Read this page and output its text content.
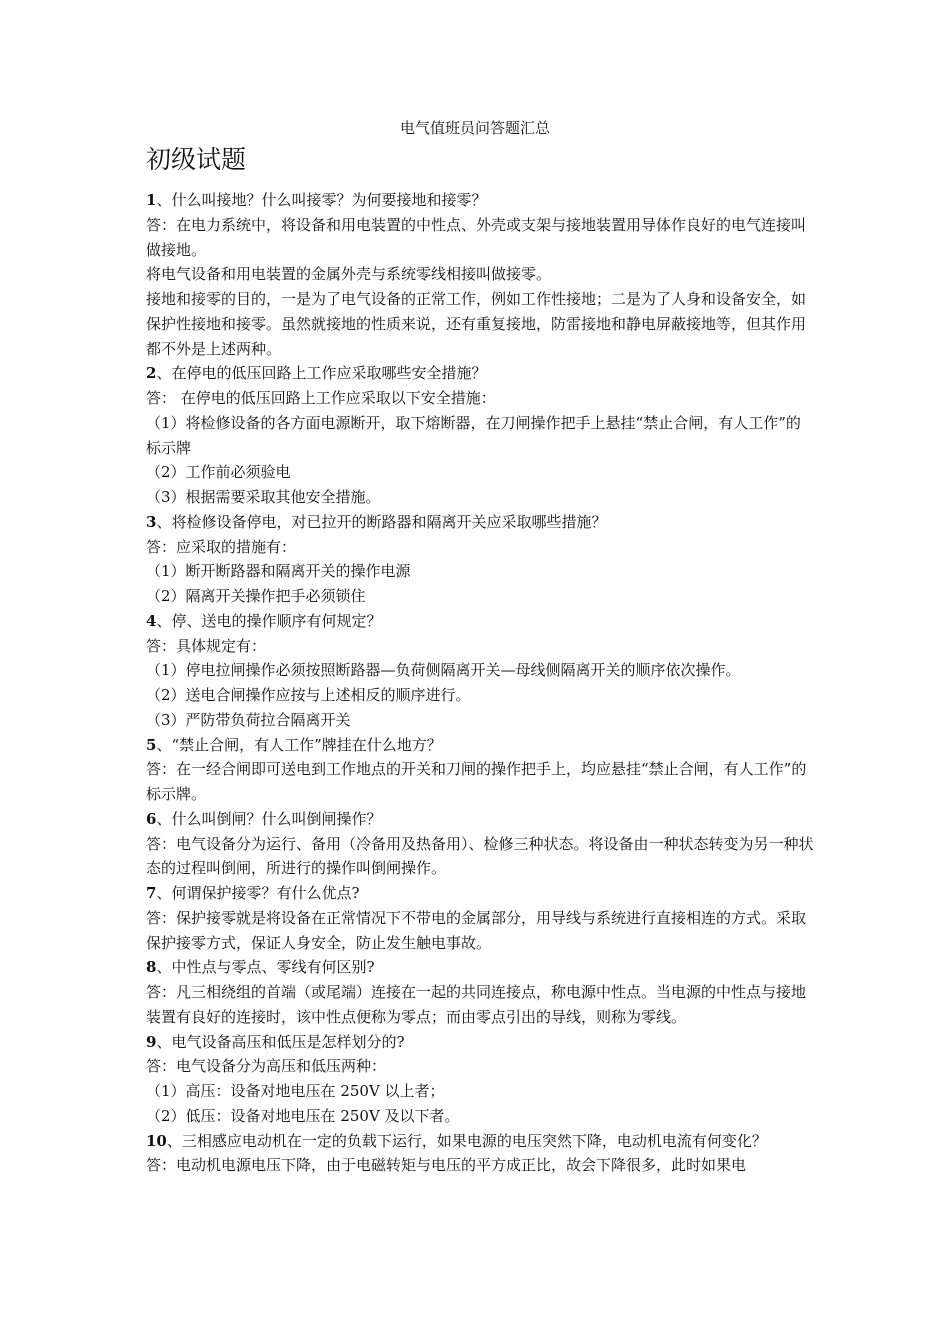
电气值班员问答题汇总
初级试题

1、什么叫接地？什么叫接零？为何要接地和接零？

答：在电力系统中，将设备和用电装置的中性点、外壳或支架与接地装置用导体作良好的电气连接叫做接地。

将电气设备和用电装置的金属外壳与系统零线相接叫做接零。

接地和接零的目的，一是为了电气设备的正常工作，例如工作性接地；二是为了人身和设备安全，如保护性接地和接零。虽然就接地的性质来说，还有重复接地，防雷接地和静电屏蔽接地等，但其作用都不外是上述两种。

2、在停电的低压回路上工作应采取哪些安全措施？

答： 在停电的低压回路上工作应采取以下安全措施：

（1）将检修设备的各方面电源断开，取下熔断器，在刀闸操作把手上悬挂“禁止合闸，有人工作”的标示牌

（2）工作前必须验电

（3）根据需要采取其他安全措施。

3、将检修设备停电，对已拉开的断路器和隔离开关应采取哪些措施？

答：应采取的措施有：

（1）断开断路器和隔离开关的操作电源

（2）隔离开关操作把手必须锁住

4、停、送电的操作顺序有何规定？

答：具体规定有：

（1）停电拉闸操作必须按照断路器—负荷侧隔离开关—母线侧隔离开关的顺序依次操作。

（2）送电合闸操作应按与上述相反的顺序进行。

（3）严防带负荷拉合隔离开关

5、“禁止合闸，有人工作”牌挂在什么地方？

答：在一经合闸即可送电到工作地点的开关和刀闸的操作把手上，均应悬挂“禁止合闸，有人工作”的标示牌。

6、什么叫倒闸？什么叫倒闸操作？

答：电气设备分为运行、备用（冷备用及热备用）、检修三种状态。将设备由一种状态转变为另一种状态的过程叫倒闸，所进行的操作叫倒闸操作。

7、何谓保护接零？有什么优点?

答：保护接零就是将设备在正常情况下不带电的金属部分，用导线与系统进行直接相连的方式。采取保护接零方式，保证人身安全，防止发生触电事故。

8、中性点与零点、零线有何区别?

答：凡三相绕组的首端（或尾端）连接在一起的共同连接点，称电源中性点。当电源的中性点与接地装置有良好的连接时，该中性点便称为零点；而由零点引出的导线，则称为零线。

9、电气设备高压和低压是怎样划分的?

答：电气设备分为高压和低压两种：

（1）高压：设备对地电压在 250V 以上者；

（2）低压：设备对地电压在 250V 及以下者。

10、三相感应电动机在一定的负载下运行，如果电源的电压突然下降，电动机电流有何变化？

答：电动机电源电压下降，由于电磁转矩与电压的平方成正比，故会下降很多，此时如果电
